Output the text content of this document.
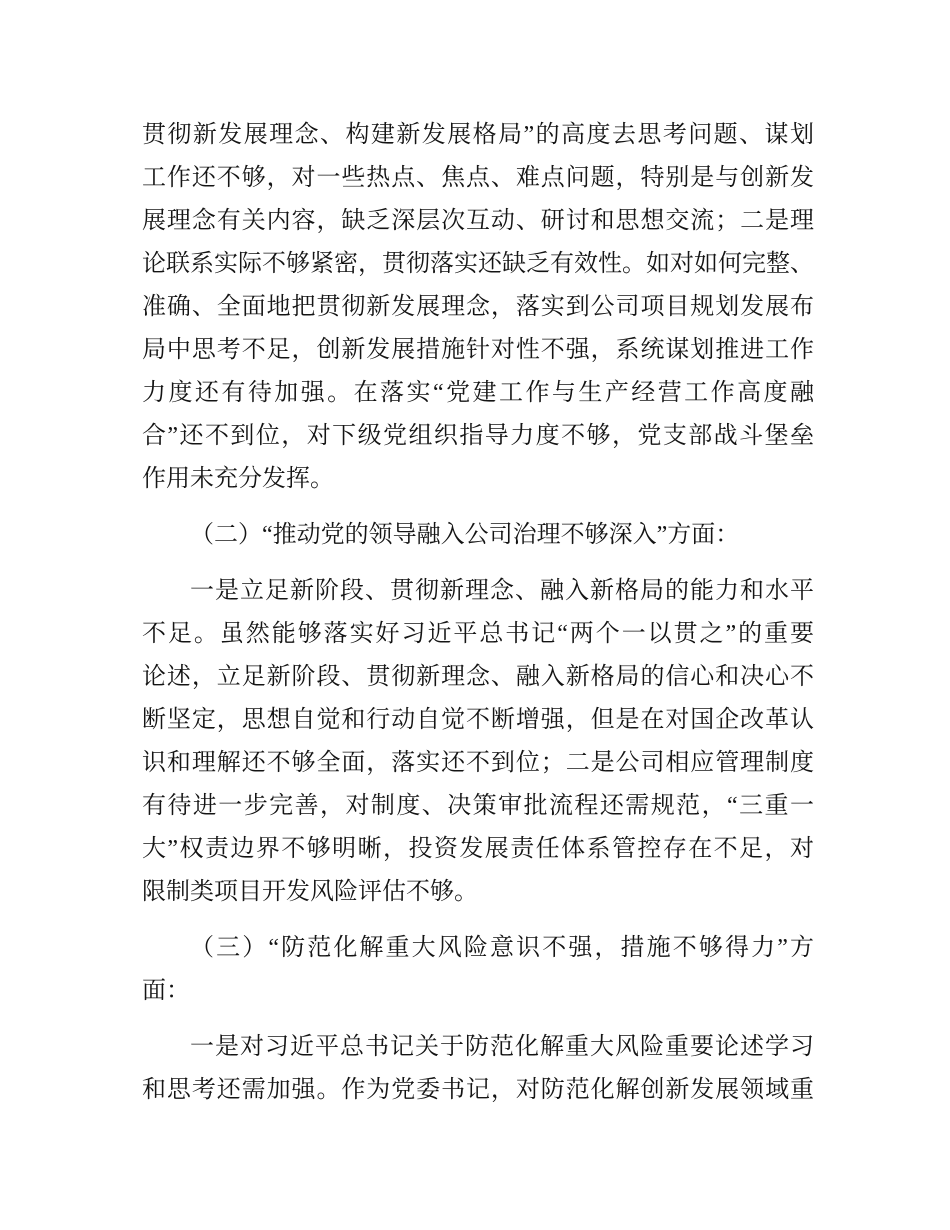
贯彻新发展理念、构建新发展格局”的高度去思考问题、谋划
工作还不够，对一些热点、焦点、难点问题，特别是与创新发
展理念有关内容，缺乏深层次互动、研讨和思想交流；二是理
论联系实际不够紧密，贯彻落实还缺乏有效性。如对如何完整、
准确、全面地把贯彻新发展理念，落实到公司项目规划发展布
局中思考不足，创新发展措施针对性不强，系统谋划推进工作
力度还有待加强。在落实“党建工作与生产经营工作高度融
合”还不到位，对下级党组织指导力度不够，党支部战斗堡垒
作用未充分发挥。
（二）“推动党的领导融入公司治理不够深入”方面：
一是立足新阶段、贯彻新理念、融入新格局的能力和水平
不足。虽然能够落实好习近平总书记“两个一以贯之”的重要
论述，立足新阶段、贯彻新理念、融入新格局的信心和决心不
断坚定，思想自觉和行动自觉不断增强，但是在对国企改革认
识和理解还不够全面，落实还不到位；二是公司相应管理制度
有待进一步完善，对制度、决策审批流程还需规范，“三重一
大”权责边界不够明晰，投资发展责任体系管控存在不足，对
限制类项目开发风险评估不够。
（三）“防范化解重大风险意识不强，措施不够得力”方
面：
一是对习近平总书记关于防范化解重大风险重要论述学习
和思考还需加强。作为党委书记，对防范化解创新发展领域重
